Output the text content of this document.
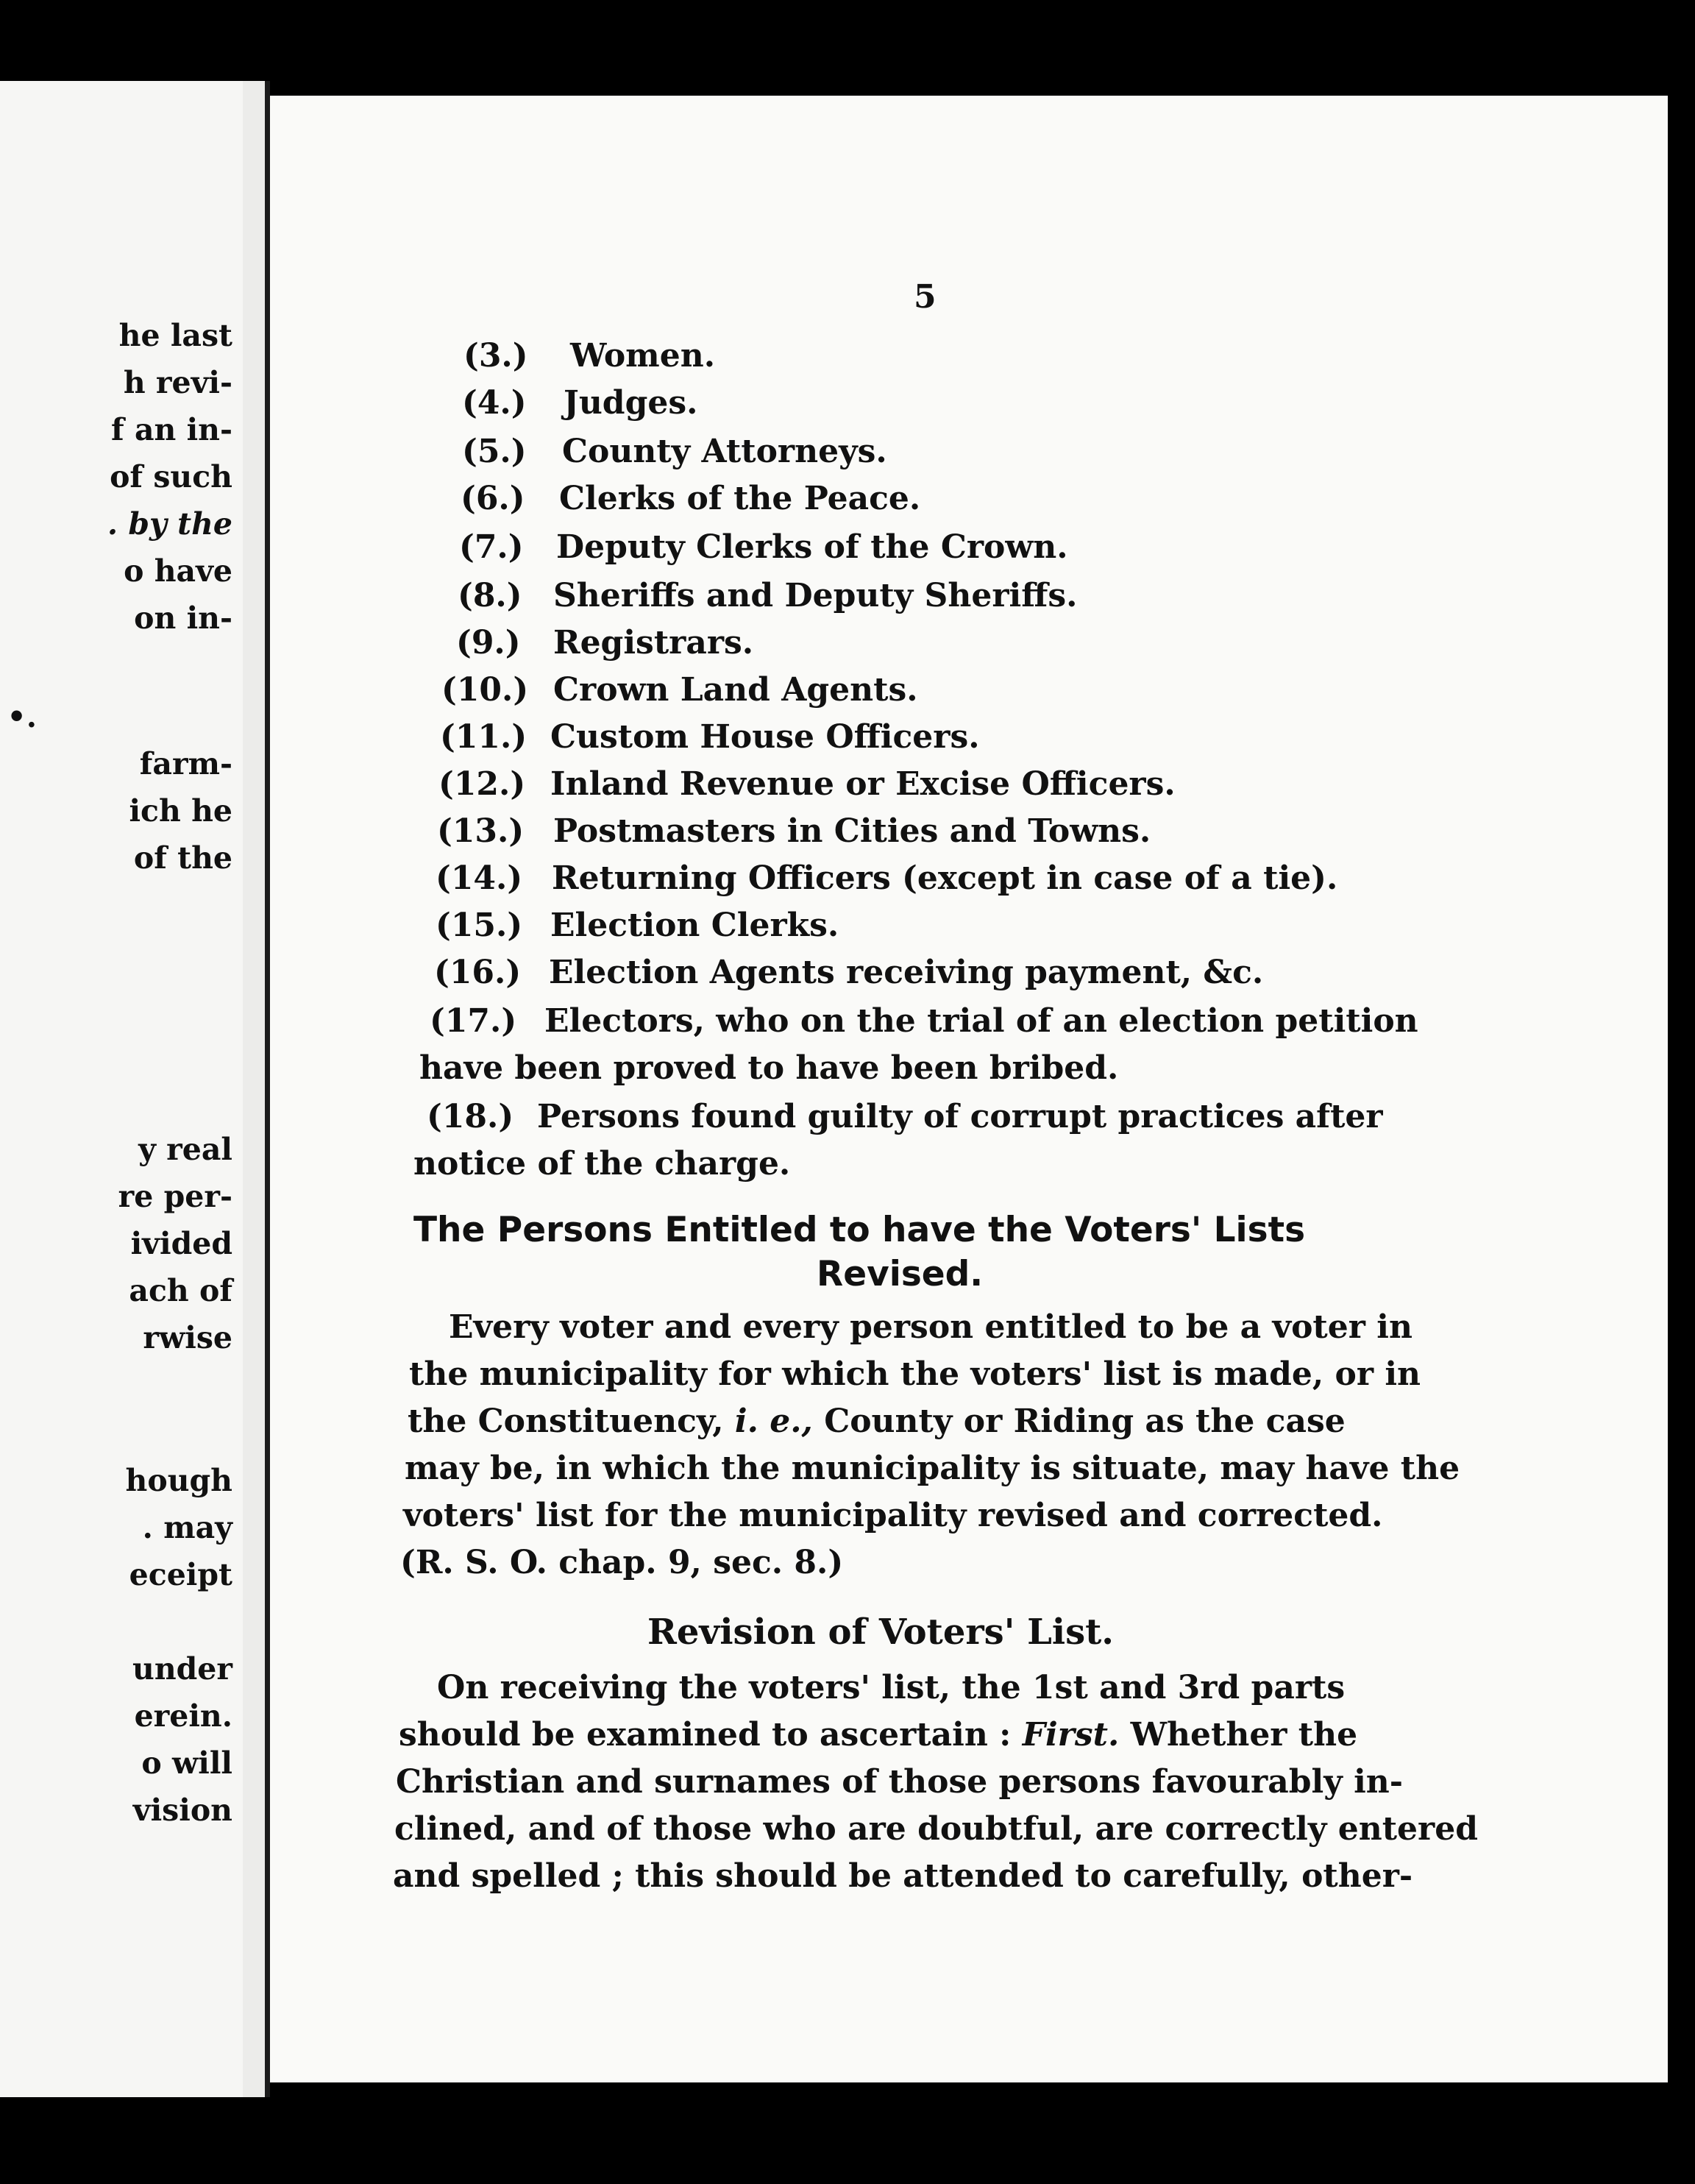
he last
h revi-
f an in-
of such
. by the
o have
on in-
•.
farm-
ich he
of the
y real
re per-
ivided
ach of
rwise
hough
. may
eceipt
under
erein.
o will
vision
5
(3.) Women.
(4.) Judges.
(5.) County Attorneys.
(6.) Clerks of the Peace.
(7.) Deputy Clerks of the Crown.
(8.) Sheriffs and Deputy Sheriffs.
(9.) Registrars.
(10.) Crown Land Agents.
(11.) Custom House Officers.
(12.) Inland Revenue or Excise Officers.
(13.) Postmasters in Cities and Towns.
(14.) Returning Officers (except in case of a tie).
(15.) Election Clerks.
(16.) Election Agents receiving payment, &c.
(17.) Electors, who on the trial of an election petition
have been proved to have been bribed.
(18.) Persons found guilty of corrupt practices after
notice of the charge.
The Persons Entitled to have the Voters' Lists
Revised.
Every voter and every person entitled to be a voter in
the municipality for which the voters' list is made, or in
the Constituency, i. e., County or Riding as the case
may be, in which the municipality is situate, may have the
voters' list for the municipality revised and corrected.
(R. S. O. chap. 9, sec. 8.)
Revision of Voters' List.
On receiving the voters' list, the 1st and 3rd parts
should be examined to ascertain : First. Whether the
Christian and surnames of those persons favourably in-
clined, and of those who are doubtful, are correctly entered
and spelled ; this should be attended to carefully, other-
